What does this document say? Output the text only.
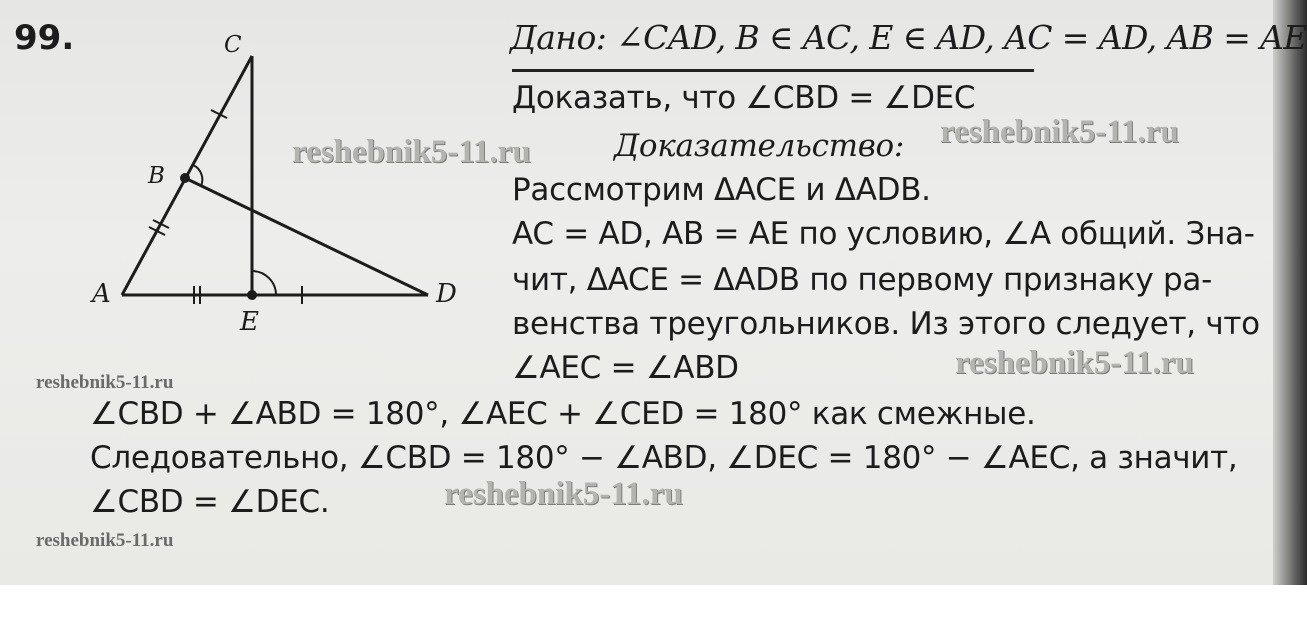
99.	Дано: ∠CAD, B ∈ AC, E ∈ AD, AC = AD, AB = AE
Доказать, что ∠CBD = ∠DEC
Доказательство:
Рассмотрим ΔACE и ΔADB.
AC = AD, AB = AE по условию, ∠A общий. Зна-
чит, ΔACE = ΔADB по первому признаку ра-
венства треугольников. Из этого следует, что
∠AEC = ∠ABD
∠CBD + ∠ABD = 180°, ∠AEC + ∠CED = 180° как смежные.
Следовательно, ∠CBD = 180° − ∠ABD, ∠DEC = 180° − ∠AEC, а значит,
∠CBD = ∠DEC.
C
B
A	D
E
reshebnik5-11.ru
reshebnik5-11.ru
reshebnik5-11.ru
reshebnik5-11.ru
reshebnik5-11.ru
reshebnik5-11.ru
